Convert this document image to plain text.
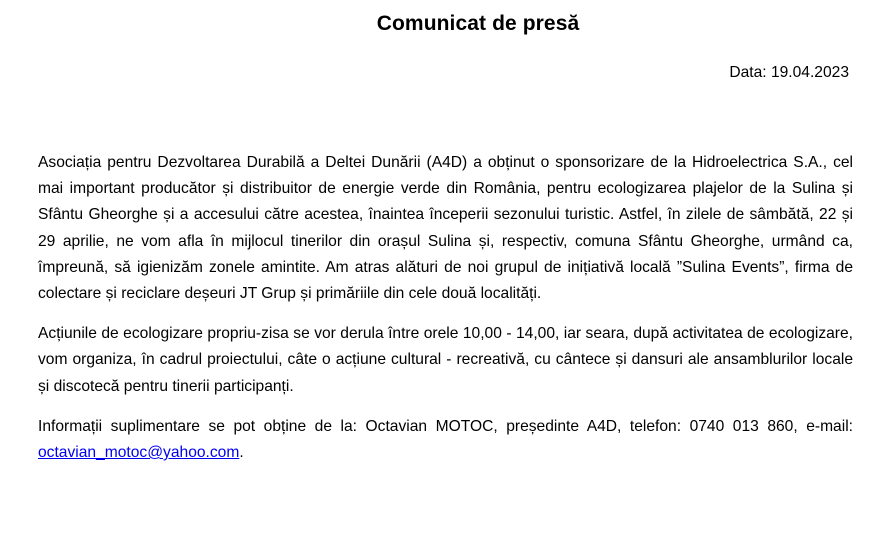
Comunicat de presă
Data: 19.04.2023

Asociația pentru Dezvoltarea Durabilă a Deltei Dunării (A4D) a obținut o sponsorizare de la Hidroelectrica S.A., cel mai important producător și distribuitor de energie verde din România, pentru ecologizarea plajelor de la Sulina și Sfântu Gheorghe și a accesului către acestea, înaintea începerii sezonului turistic. Astfel, în zilele de sâmbătă, 22 și 29 aprilie, ne vom afla în mijlocul tinerilor din orașul Sulina și, respectiv, comuna Sfântu Gheorghe, urmând ca, împreună, să igienizăm zonele amintite. Am atras alături de noi grupul de inițiativă locală ”Sulina Events”, firma de colectare și reciclare deșeuri JT Grup și primăriile din cele două localități.

Acțiunile de ecologizare propriu-zisa se vor derula între orele 10,00 - 14,00, iar seara, după activitatea de ecologizare, vom organiza, în cadrul proiectului, câte o acțiune cultural - recreativă, cu cântece și dansuri ale ansamblurilor locale și discotecă pentru tinerii participanți.

Informații suplimentare se pot obține de la: Octavian MOTOC, președinte A4D, telefon: 0740 013 860, e-mail: octavian_motoc@yahoo.com.
